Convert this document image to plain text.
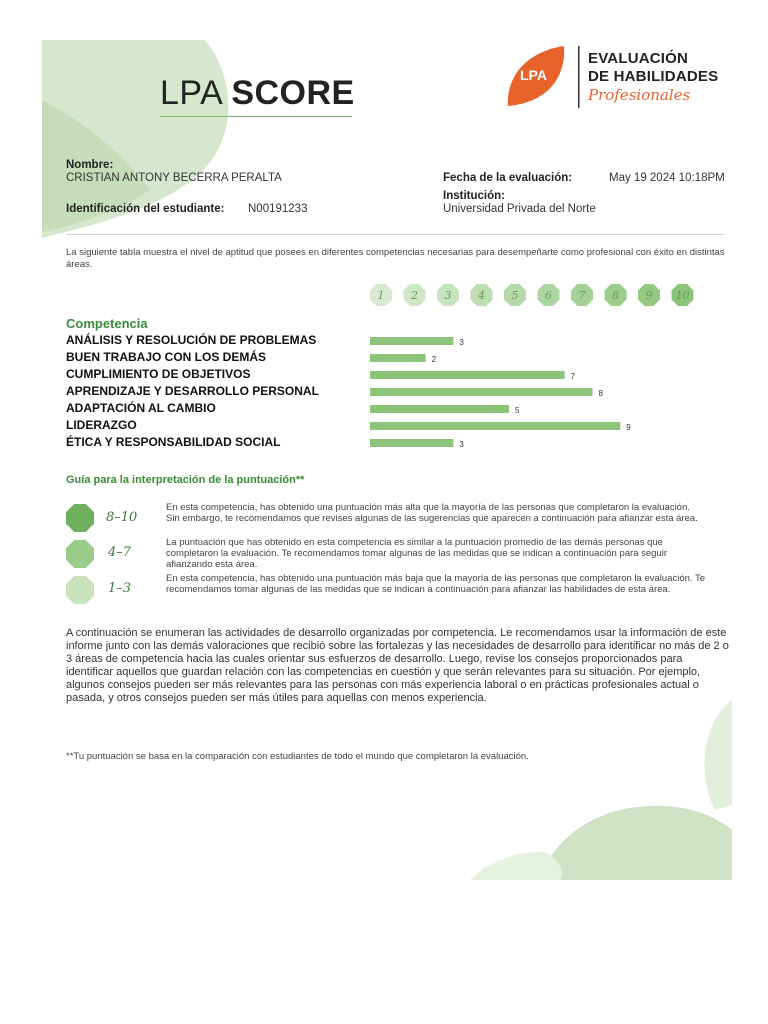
LPA SCORE	LPA
EVALUACIÓN
DE HABILIDADES
Profesionales
Nombre:
CRISTIAN ANTONY BECERRA PERALTA
Identificación del estudiante: N00191233
Fecha de la evaluación:	May 19 2024 10:18PM
Institución:
Universidad Privada del Norte
La siguiente tabla muestra el nivel de aptitud que posees en diferentes competencias necesarias para desempeñarte como profesional con éxito en distintas áreas.
1 2 3 4 5 6 7 8 9 10
Competencia
ANÁLISIS Y RESOLUCIÓN DE PROBLEMAS
BUEN TRABAJO CON LOS DEMÁS
CUMPLIMIENTO DE OBJETIVOS
APRENDIZAJE Y DESARROLLO PERSONAL
ADAPTACIÓN AL CAMBIO
LIDERAZGO
ÉTICA Y RESPONSABILIDAD SOCIAL
3
2
7
8
5
9
3
Guía para la interpretación de la puntuación**
8–10
4–7
1–3
En esta competencia, has obtenido una puntuación más alta que la mayoría de las personas que completaron la evaluación. Sin embargo, te recomendamos que revises algunas de las sugerencias que aparecen a continuación para afianzar esta área.
La puntuación que has obtenido en esta competencia es similar a la puntuación promedio de las demás personas que completaron la evaluación. Te recomendamos tomar algunas de las medidas que se indican a continuación para seguir afianzando esta área.
En esta competencia, has obtenido una puntuación más baja que la mayoría de las personas que completaron la evaluación. Te recomendamos tomar algunas de las medidas que se indican a continuación para afianzar las habilidades de esta área.
A continuación se enumeran las actividades de desarrollo organizadas por competencia. Le recomendamos usar la información de este informe junto con las demás valoraciones que recibió sobre las fortalezas y las necesidades de desarrollo para identificar no más de 2 o 3 áreas de competencia hacia las cuales orientar sus esfuerzos de desarrollo. Luego, revise los consejos proporcionados para identificar aquellos que guardan relación con las competencias en cuestión y que serán relevantes para su situación. Por ejemplo, algunos consejos pueden ser más relevantes para las personas con más experiencia laboral o en prácticas profesionales actual o pasada, y otros consejos pueden ser más útiles para aquellas con menos experiencia.
**Tu puntuación se basa en la comparación con estudiantes de todo el mundo que completaron la evaluación.
